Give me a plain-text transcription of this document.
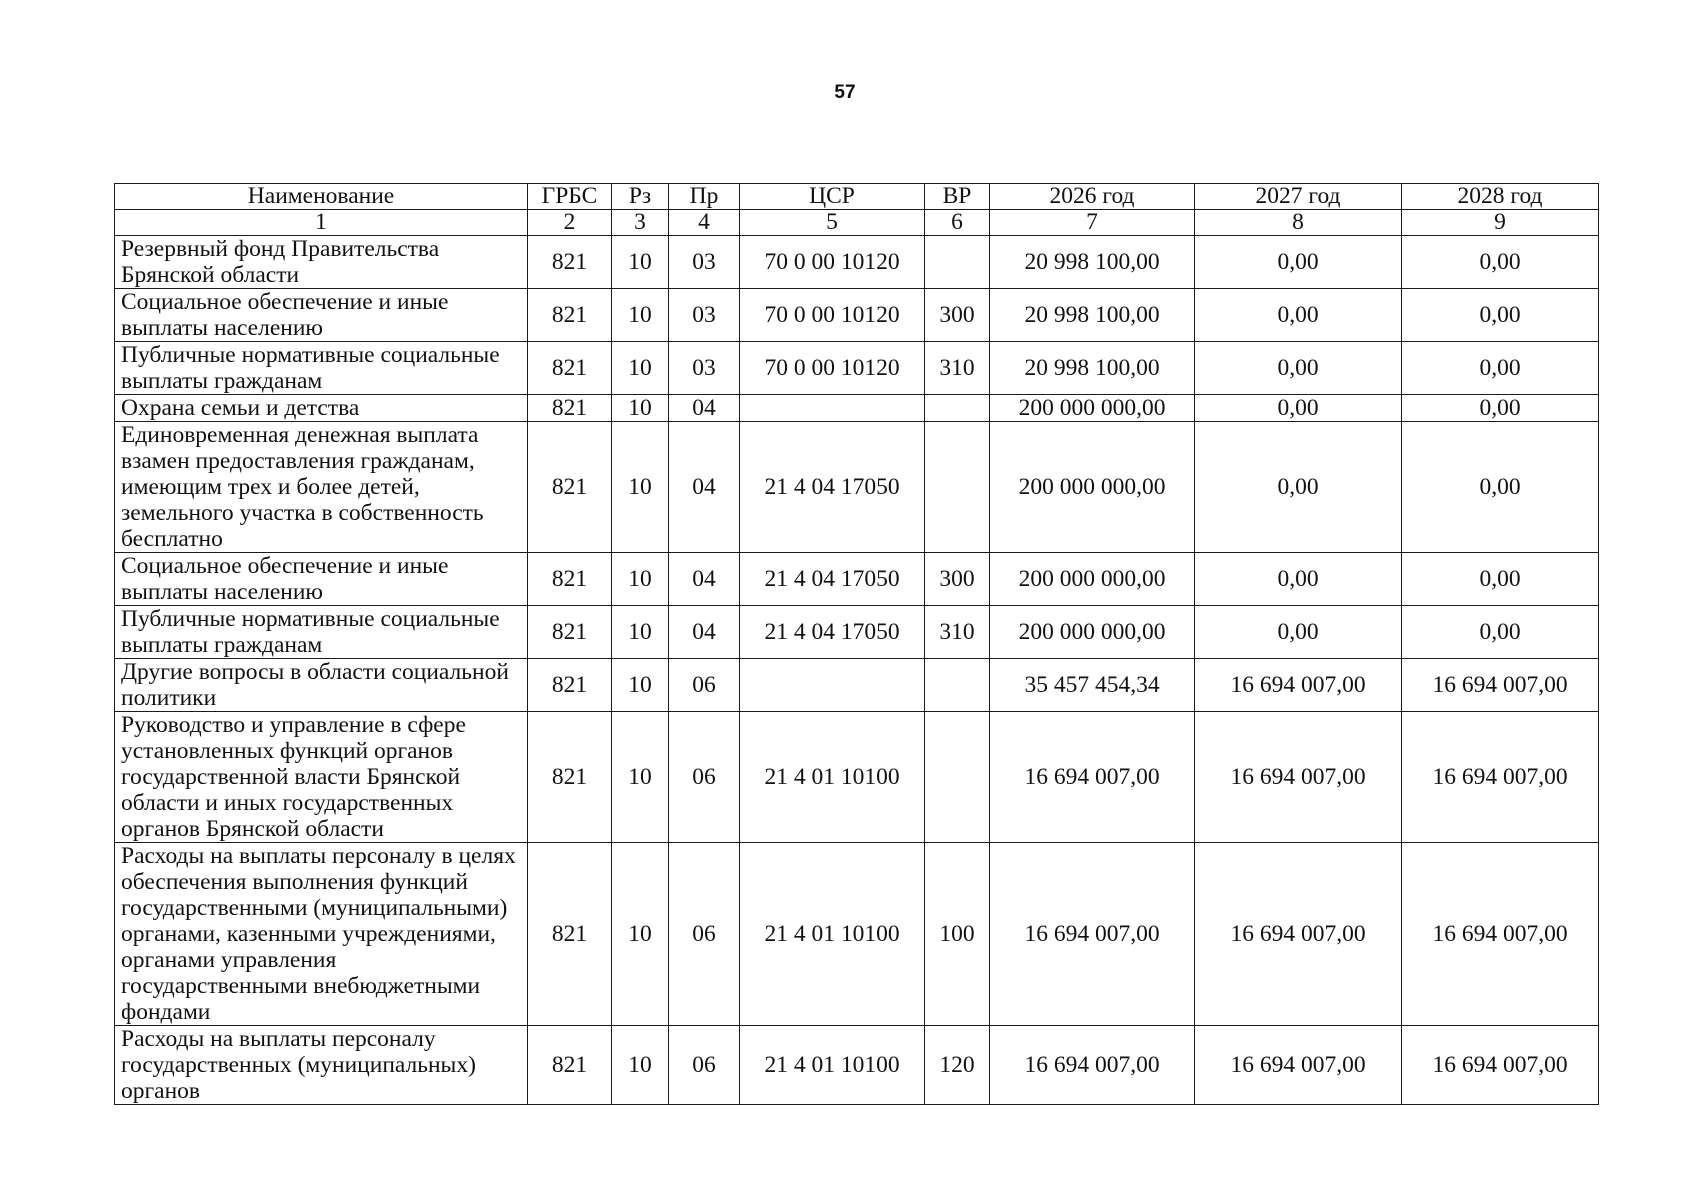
57
Наименование	ГРБС	Рз	Пр	ЦСР	ВР	2026 год	2027 год	2028 год
1	2	3	4	5	6	7	8	9
Резервный фонд Правительства Брянской области	821	10	03	70 0 00 10120		20 998 100,00	0,00	0,00
Социальное обеспечение и иные выплаты населению	821	10	03	70 0 00 10120	300	20 998 100,00	0,00	0,00
Публичные нормативные социальные выплаты гражданам	821	10	03	70 0 00 10120	310	20 998 100,00	0,00	0,00
Охрана семьи и детства	821	10	04			200 000 000,00	0,00	0,00
Единовременная денежная выплата взамен предоставления гражданам, имеющим трех и более детей, земельного участка в собственность бесплатно	821	10	04	21 4 04 17050		200 000 000,00	0,00	0,00
Социальное обеспечение и иные выплаты населению	821	10	04	21 4 04 17050	300	200 000 000,00	0,00	0,00
Публичные нормативные социальные выплаты гражданам	821	10	04	21 4 04 17050	310	200 000 000,00	0,00	0,00
Другие вопросы в области социальной политики	821	10	06			35 457 454,34	16 694 007,00	16 694 007,00
Руководство и управление в сфере установленных функций органов государственной власти Брянской области и иных государственных органов Брянской области	821	10	06	21 4 01 10100		16 694 007,00	16 694 007,00	16 694 007,00
Расходы на выплаты персоналу в целях обеспечения выполнения функций государственными (муниципальными) органами, казенными учреждениями, органами управления государственными внебюджетными фондами	821	10	06	21 4 01 10100	100	16 694 007,00	16 694 007,00	16 694 007,00
Расходы на выплаты персоналу государственных (муниципальных) органов	821	10	06	21 4 01 10100	120	16 694 007,00	16 694 007,00	16 694 007,00
